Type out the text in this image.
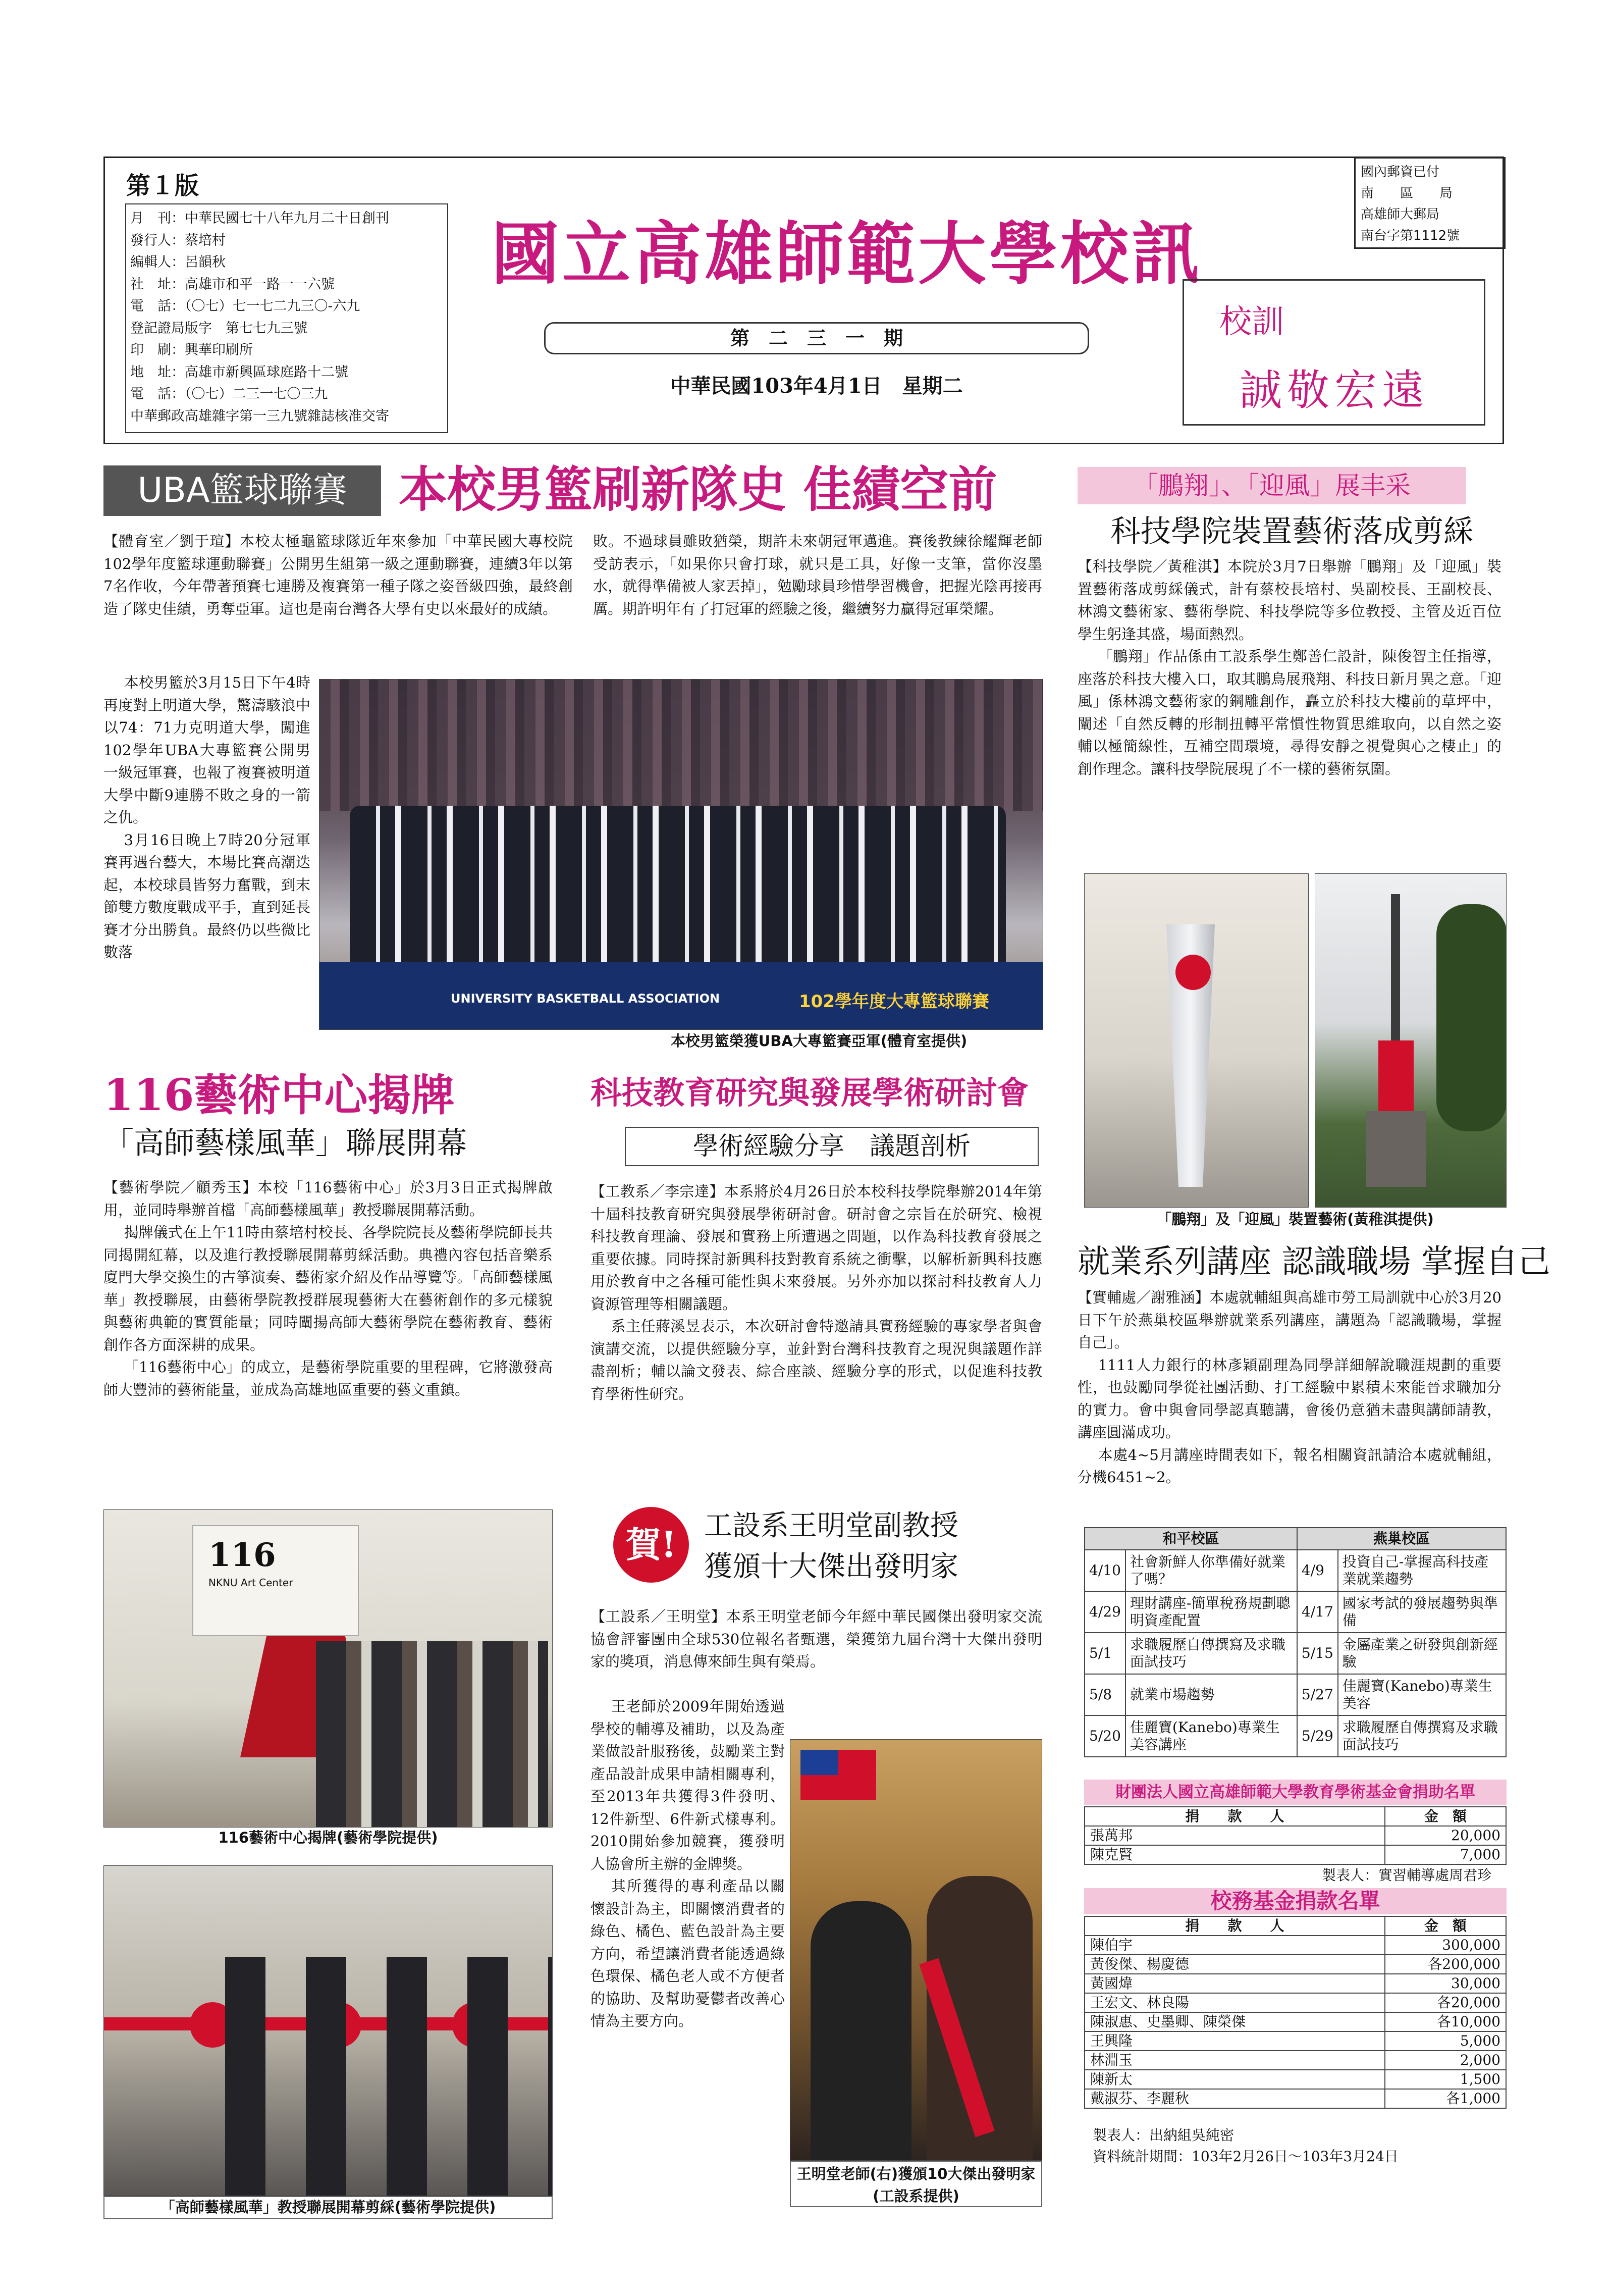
第１版
月　刊：中華民國七十八年九月二十日創刊
發行人：蔡培村
編輯人：呂韻秋
社　址：高雄市和平一路一一六號
電　話：（〇七）七一七二九三〇-六九
登記證局版字　第七七九三號
印　刷：興華印刷所
地　址：高雄市新興區球庭路十二號
電　話：（〇七）二三一七〇三九
中華郵政高雄雜字第一三九號雜誌核准交寄
國立高雄師範大學校訊
第　二　三　一　期
中華民國103年4月1日　星期二
國內郵資已付
南　　區　　局
高雄師大郵局
南台字第1112號
校訓
誠敬宏遠
UBA籃球聯賽	本校男籃刷新隊史 佳績空前
【體育室／劉于瑄】本校太極龜籃球隊近年來參加「中華民國大專校院102學年度籃球運動聯賽」公開男生組第一級之運動聯賽，連續3年以第7名作收，今年帶著預賽七連勝及複賽第一種子隊之姿晉級四強，最終創造了隊史佳績，勇奪亞軍。這也是南台灣各大學有史以來最好的成績。

本校男籃於3月15日下午4時再度對上明道大學，驚濤駭浪中以74：71力克明道大學，闖進102學年UBA大專籃賽公開男一級冠軍賽，也報了複賽被明道大學中斷9連勝不敗之身的一箭之仇。

3月16日晚上7時20分冠軍賽再遇台藝大，本場比賽高潮迭起，本校球員皆努力奮戰，到末節雙方數度戰成平手，直到延長賽才分出勝負。最終仍以些微比數落

敗。不過球員雖敗猶榮，期許未來朝冠軍邁進。賽後教練徐耀輝老師受訪表示，「如果你只會打球，就只是工具，好像一支筆，當你沒墨水，就得準備被人家丟掉」，勉勵球員珍惜學習機會，把握光陰再接再厲。期許明年有了打冠軍的經驗之後，繼續努力贏得冠軍榮耀。
UNIVERSITY BASKETBALL ASSOCIATION	102學年度大專籃球聯賽
本校男籃榮獲UBA大專籃賽亞軍(體育室提供)
116藝術中心揭牌
「高師藝樣風華」聯展開幕

【藝術學院／顧秀玉】本校「116藝術中心」於3月3日正式揭牌啟用，並同時舉辦首檔「高師藝樣風華」教授聯展開幕活動。

揭牌儀式在上午11時由蔡培村校長、各學院院長及藝術學院師長共同揭開紅幕，以及進行教授聯展開幕剪綵活動。典禮內容包括音樂系廈門大學交換生的古箏演奏、藝術家介紹及作品導覽等。「高師藝樣風華」教授聯展，由藝術學院教授群展現藝術大在藝術創作的多元樣貌與藝術典範的實質能量；同時闡揚高師大藝術學院在藝術教育、藝術創作各方面深耕的成果。

「116藝術中心」的成立，是藝術學院重要的里程碑，它將激發高師大豐沛的藝術能量，並成為高雄地區重要的藝文重鎮。

116
NKNU Art Center
116藝術中心揭牌(藝術學院提供)
「高師藝樣風華」教授聯展開幕剪綵(藝術學院提供)
科技教育研究與發展學術研討會
學術經驗分享　議題剖析

【工教系／李宗達】本系將於4月26日於本校科技學院舉辦2014年第十屆科技教育研究與發展學術研討會。研討會之宗旨在於研究、檢視科技教育理論、發展和實務上所遭遇之問題，以作為科技教育發展之重要依據。同時探討新興科技對教育系統之衝擊，以解析新興科技應用於教育中之各種可能性與未來發展。另外亦加以探討科技教育人力資源管理等相關議題。

系主任蔣溪昱表示，本次研討會特邀請具實務經驗的專家學者與會演講交流，以提供經驗分享，並針對台灣科技教育之現況與議題作詳盡剖析；輔以論文發表、綜合座談、經驗分享的形式，以促進科技教育學術性研究。

賀! 工設系王明堂副教授
獲頒十大傑出發明家
【工設系／王明堂】本系王明堂老師今年經中華民國傑出發明家交流協會評審團由全球530位報名者甄選，榮獲第九屆台灣十大傑出發明家的獎項，消息傳來師生與有榮焉。

王老師於2009年開始透過學校的輔導及補助，以及為產業做設計服務後，鼓勵業主對產品設計成果申請相關專利，至2013年共獲得3件發明、12件新型、6件新式樣專利。2010開始參加競賽，獲發明人協會所主辦的金牌獎。

其所獲得的專利產品以關懷設計為主，即關懷消費者的綠色、橘色、藍色設計為主要方向，希望讓消費者能透過綠色環保、橘色老人或不方便者的協助、及幫助憂鬱者改善心情為主要方向。

王明堂老師(右)獲頒10大傑出發明家(工設系提供)
「鵬翔」、「迎風」展丰采
科技學院裝置藝術落成剪綵

【科技學院／黃稚淇】本院於3月7日舉辦「鵬翔」及「迎風」裝置藝術落成剪綵儀式，計有蔡校長培村、吳副校長、王副校長、林鴻文藝術家、藝術學院、科技學院等多位教授、主管及近百位學生躬逢其盛，場面熱烈。

「鵬翔」作品係由工設系學生鄭善仁設計，陳俊智主任指導，座落於科技大樓入口，取其鵬鳥展飛翔、科技日新月異之意。「迎風」係林鴻文藝術家的鋼雕創作，矗立於科技大樓前的草坪中，闡述「自然反轉的形制扭轉平常慣性物質思維取向，以自然之姿輔以極簡線性，互補空間環境，尋得安靜之視覺與心之棲止」的創作理念。讓科技學院展現了不一樣的藝術氛圍。

「鵬翔」及「迎風」裝置藝術(黃稚淇提供)
就業系列講座 認識職場 掌握自己

【實輔處／謝雅涵】本處就輔組與高雄市勞工局訓就中心於3月20日下午於燕巢校區舉辦就業系列講座，講題為「認識職場，掌握自己」。

1111人力銀行的林彥穎副理為同學詳細解說職涯規劃的重要性，也鼓勵同學從社團活動、打工經驗中累積未來能晉求職加分的實力。會中與會同學認真聽講，會後仍意猶未盡與講師請教，講座圓滿成功。

本處4~5月講座時間表如下，報名相關資訊請洽本處就輔組，分機6451~2。

和平校區		燕巢校區	
4/10	社會新鮮人你準備好就業了嗎？	4/9	投資自己-掌握高科技產業就業趨勢
4/29	理財講座-簡單稅務規劃聰明資產配置	4/17	國家考試的發展趨勢與準備
5/1	求職履歷自傳撰寫及求職面試技巧	5/15	金屬產業之研發與創新經驗
5/8	就業市場趨勢	5/27	佳麗寶(Kanebo)專業生美容
5/20	佳麗寶(Kanebo)專業生美容講座	5/29	求職履歷自傳撰寫及求職面試技巧
財團法人國立高雄師範大學教育學術基金會捐助名單
捐　　款　　人	金　額
張萬邦	20,000
陳克賢	7,000
製表人：實習輔導處周君珍
校務基金捐款名單
捐　　款　　人	金　額
陳伯宇	300,000
黃俊傑、楊慶德	各200,000
黃國煒	30,000
王宏文、林良陽	各20,000
陳淑惠、史墨卿、陳榮傑	各10,000
王興隆	5,000
林淵玉	2,000
陳新太	1,500
戴淑芬、李麗秋	各1,000
製表人：出納組吳純密
資料統計期間：103年2月26日～103年3月24日
